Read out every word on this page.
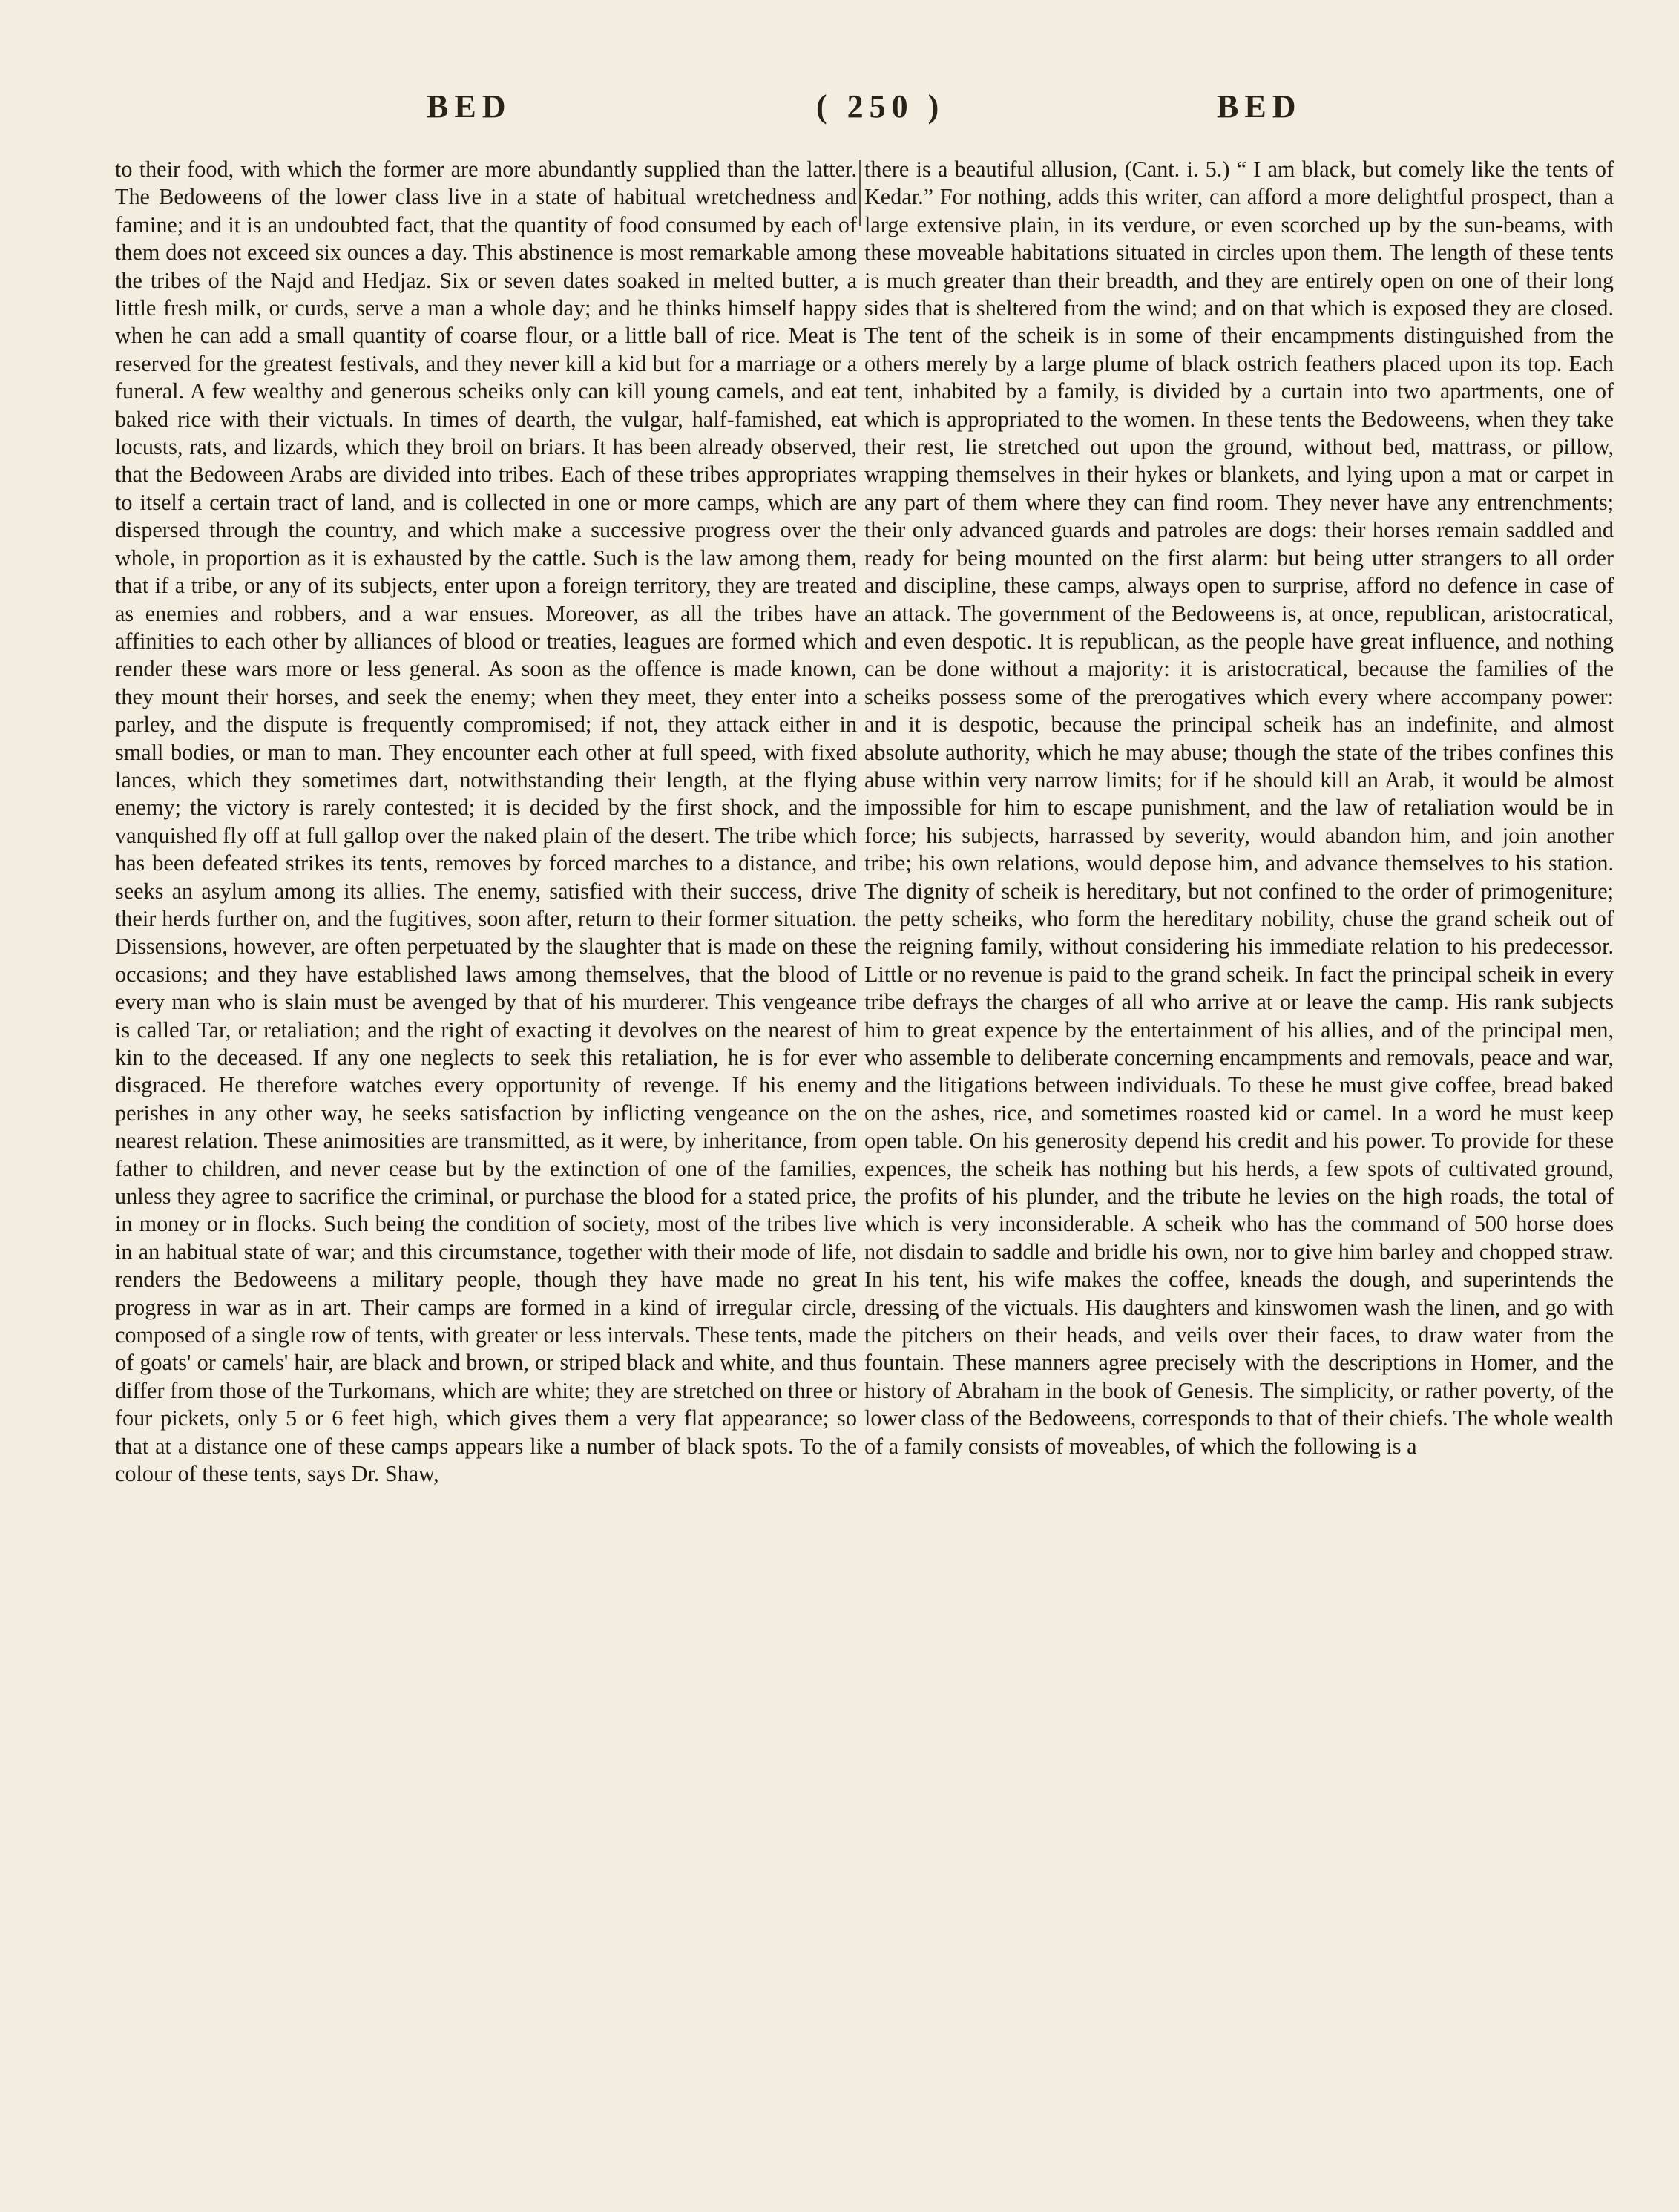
BED	( 250 )	BED

to their food, with which the former are more abundantly supplied than the latter. The Bedoweens of the lower class live in a state of habitual wretchedness and famine; and it is an undoubted fact, that the quantity of food consumed by each of them does not exceed six ounces a day. This abstinence is most remarkable among the tribes of the Najd and Hedjaz. Six or seven dates soaked in melted butter, a little fresh milk, or curds, serve a man a whole day; and he thinks himself happy when he can add a small quantity of coarse flour, or a little ball of rice. Meat is reserved for the greatest festivals, and they never kill a kid but for a marriage or a funeral. A few wealthy and generous scheiks only can kill young camels, and eat baked rice with their victuals. In times of dearth, the vulgar, half-famished, eat locusts, rats, and lizards, which they broil on briars. It has been already observed, that the Bedoween Arabs are divided into tribes. Each of these tribes appropriates to itself a certain tract of land, and is collected in one or more camps, which are dispersed through the country, and which make a successive progress over the whole, in proportion as it is exhausted by the cattle. Such is the law among them, that if a tribe, or any of its subjects, enter upon a foreign territory, they are treated as enemies and robbers, and a war ensues. Moreover, as all the tribes have affinities to each other by alliances of blood or treaties, leagues are formed which render these wars more or less general. As soon as the offence is made known, they mount their horses, and seek the enemy; when they meet, they enter into a parley, and the dispute is frequently compromised; if not, they attack either in small bodies, or man to man. They encounter each other at full speed, with fixed lances, which they sometimes dart, notwithstanding their length, at the flying enemy; the victory is rarely contested; it is decided by the first shock, and the vanquished fly off at full gallop over the naked plain of the desert. The tribe which has been defeated strikes its tents, removes by forced marches to a distance, and seeks an asylum among its allies. The enemy, satisfied with their success, drive their herds further on, and the fugitives, soon after, return to their former situation. Dissensions, however, are often perpetuated by the slaughter that is made on these occasions; and they have established laws among themselves, that the blood of every man who is slain must be avenged by that of his murderer. This vengeance is called Tar, or retaliation; and the right of exacting it devolves on the nearest of kin to the deceased. If any one neglects to seek this retaliation, he is for ever disgraced. He therefore watches every opportunity of revenge. If his enemy perishes in any other way, he seeks satisfaction by inflicting vengeance on the nearest relation. These animosities are transmitted, as it were, by inheritance, from father to children, and never cease but by the extinction of one of the families, unless they agree to sacrifice the criminal, or purchase the blood for a stated price, in money or in flocks. Such being the condition of society, most of the tribes live in an habitual state of war; and this circumstance, together with their mode of life, renders the Bedoweens a military people, though they have made no great progress in war as in art. Their camps are formed in a kind of irregular circle, composed of a single row of tents, with greater or less intervals. These tents, made of goats' or camels' hair, are black and brown, or striped black and white, and thus differ from those of the Turkomans, which are white; they are stretched on three or four pickets, only 5 or 6 feet high, which gives them a very flat appearance; so that at a distance one of these camps appears like a number of black spots. To the colour of these tents, says Dr. Shaw,

there is a beautiful allusion, (Cant. i. 5.) “ I am black, but comely like the tents of Kedar.” For nothing, adds this writer, can afford a more delightful prospect, than a large extensive plain, in its verdure, or even scorched up by the sun-beams, with these moveable habitations situated in circles upon them. The length of these tents is much greater than their breadth, and they are entirely open on one of their long sides that is sheltered from the wind; and on that which is exposed they are closed. The tent of the scheik is in some of their encampments distinguished from the others merely by a large plume of black ostrich feathers placed upon its top. Each tent, inhabited by a family, is divided by a curtain into two apartments, one of which is appropriated to the women. In these tents the Bedoweens, when they take their rest, lie stretched out upon the ground, without bed, mattrass, or pillow, wrapping themselves in their hykes or blankets, and lying upon a mat or carpet in any part of them where they can find room. They never have any entrenchments; their only advanced guards and patroles are dogs: their horses remain saddled and ready for being mounted on the first alarm: but being utter strangers to all order and discipline, these camps, always open to surprise, afford no defence in case of an attack. The government of the Bedoweens is, at once, republican, aristocratical, and even despotic. It is republican, as the people have great influence, and nothing can be done without a majority: it is aristocratical, because the families of the scheiks possess some of the prerogatives which every where accompany power: and it is despotic, because the principal scheik has an indefinite, and almost absolute authority, which he may abuse; though the state of the tribes confines this abuse within very narrow limits; for if he should kill an Arab, it would be almost impossible for him to escape punishment, and the law of retaliation would be in force; his subjects, harrassed by severity, would abandon him, and join another tribe; his own relations, would depose him, and advance themselves to his station. The dignity of scheik is hereditary, but not confined to the order of primogeniture; the petty scheiks, who form the hereditary nobility, chuse the grand scheik out of the reigning family, without considering his immediate relation to his predecessor. Little or no revenue is paid to the grand scheik. In fact the principal scheik in every tribe defrays the charges of all who arrive at or leave the camp. His rank subjects him to great expence by the entertainment of his allies, and of the principal men, who assemble to deliberate concerning encampments and removals, peace and war, and the litigations between individuals. To these he must give coffee, bread baked on the ashes, rice, and sometimes roasted kid or camel. In a word he must keep open table. On his generosity depend his credit and his power. To provide for these expences, the scheik has nothing but his herds, a few spots of cultivated ground, the profits of his plunder, and the tribute he levies on the high roads, the total of which is very inconsiderable. A scheik who has the command of 500 horse does not disdain to saddle and bridle his own, nor to give him barley and chopped straw. In his tent, his wife makes the coffee, kneads the dough, and superintends the dressing of the victuals. His daughters and kinswomen wash the linen, and go with the pitchers on their heads, and veils over their faces, to draw water from the fountain. These manners agree precisely with the descriptions in Homer, and the history of Abraham in the book of Genesis. The simplicity, or rather poverty, of the lower class of the Bedoweens, corresponds to that of their chiefs. The whole wealth of a family consists of moveables, of which the following is a
